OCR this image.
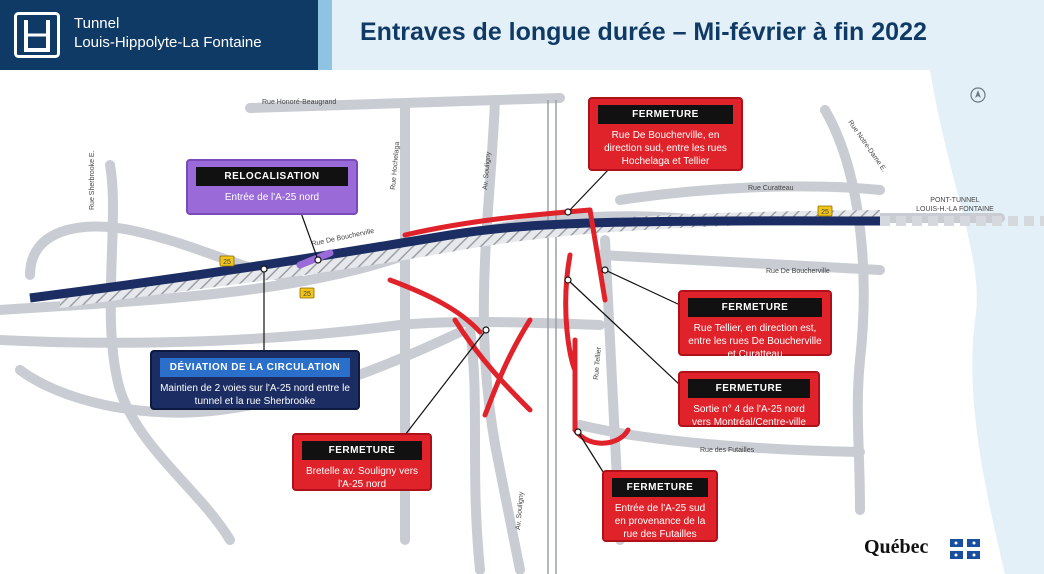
Tunnel
Louis-Hippolyte-La Fontaine	Entraves de longue durée – Mi-février à fin 2022
25
25
25
Rue Honoré-Beaugrand
Rue Sherbrooke E.	Rue Hochelaga	Av. Souligny
Av. Souligny
Rue Notre-Dame E.
Rue Curatteau
Rue De Boucherville
Rue De Boucherville
Rue Tellier
Rue des Futailles
PONT-TUNNEL
LOUIS-H.-LA FONTAINE
RELOCALISATION
Entrée de l'A-25 nord
DÉVIATION DE LA CIRCULATION
Maintien de 2 voies sur l'A-25 nord entre le tunnel et la rue Sherbrooke
FERMETURE
Rue De Boucherville, en direction sud, entre les rues Hochelaga et Tellier
FERMETURE
Rue Tellier, en direction est, entre les rues De Boucherville et Curatteau
FERMETURE
Sortie n° 4 de l'A-25 nord vers Montréal/Centre-ville
FERMETURE
Bretelle av. Souligny vers l'A-25 nord	FERMETURE
Entrée de l'A-25 sud en provenance de la rue des Futailles
Québec
